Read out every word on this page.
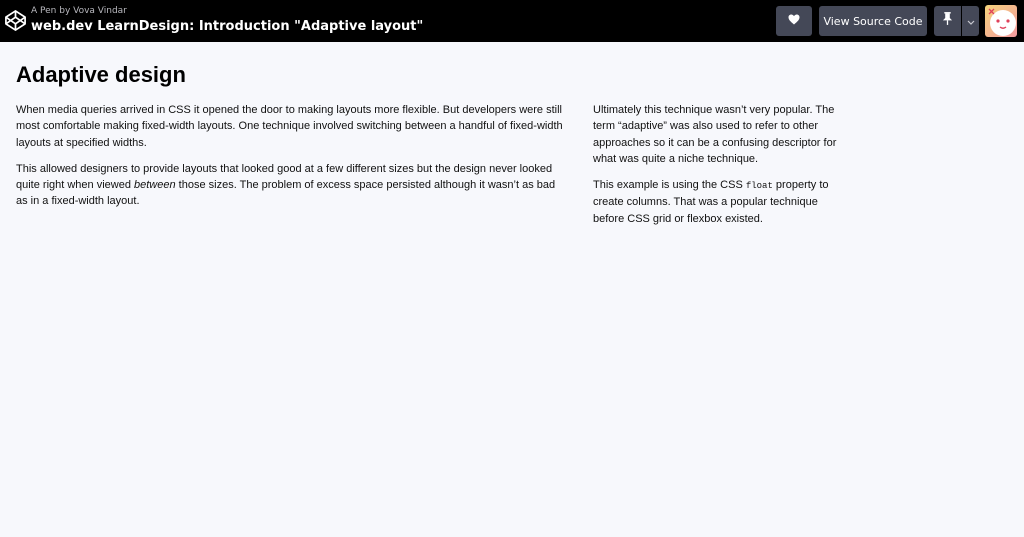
A Pen by Vova Vindar
web.dev LearnDesign: Introduction "Adaptive layout"	View Source Code
Adaptive design

When media queries arrived in CSS it opened the door to making layouts more flexible. But developers were still most comfortable making fixed-width layouts. One technique involved switching between a handful of fixed-width layouts at specified widths.

This allowed designers to provide layouts that looked good at a few different sizes but the design never looked quite right when viewed between those sizes. The problem of excess space persisted although it wasn’t as bad as in a fixed-width layout.

Ultimately this technique wasn’t very popular. The term “adaptive” was also used to refer to other approaches so it can be a confusing descriptor for what was quite a niche technique.

This example is using the CSS float property to create columns. That was a popular technique before CSS grid or flexbox existed.
